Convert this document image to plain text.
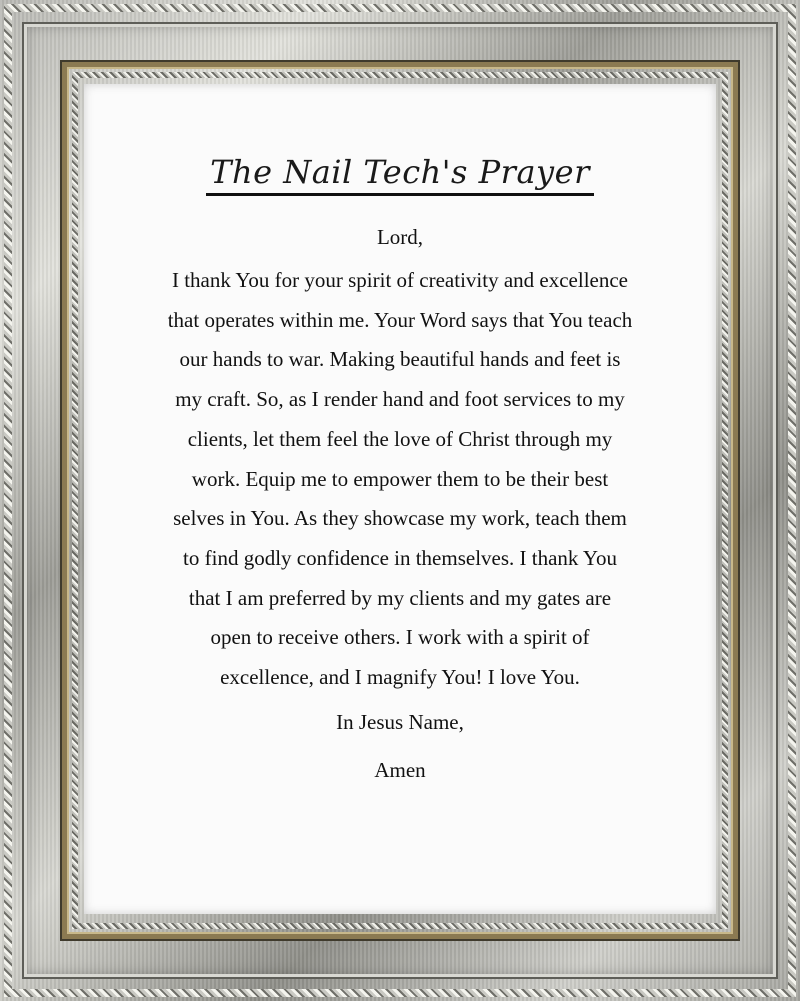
The Nail Tech's Prayer
Lord,
I thank You for your spirit of creativity and excellence
that operates within me. Your Word says that You teach
our hands to war. Making beautiful hands and feet is
my craft. So, as I render hand and foot services to my
clients, let them feel the love of Christ through my
work. Equip me to empower them to be their best
selves in You. As they showcase my work, teach them
to find godly confidence in themselves. I thank You
that I am preferred by my clients and my gates are
open to receive others. I work with a spirit of
excellence, and I magnify You! I love You.
In Jesus Name,
Amen
